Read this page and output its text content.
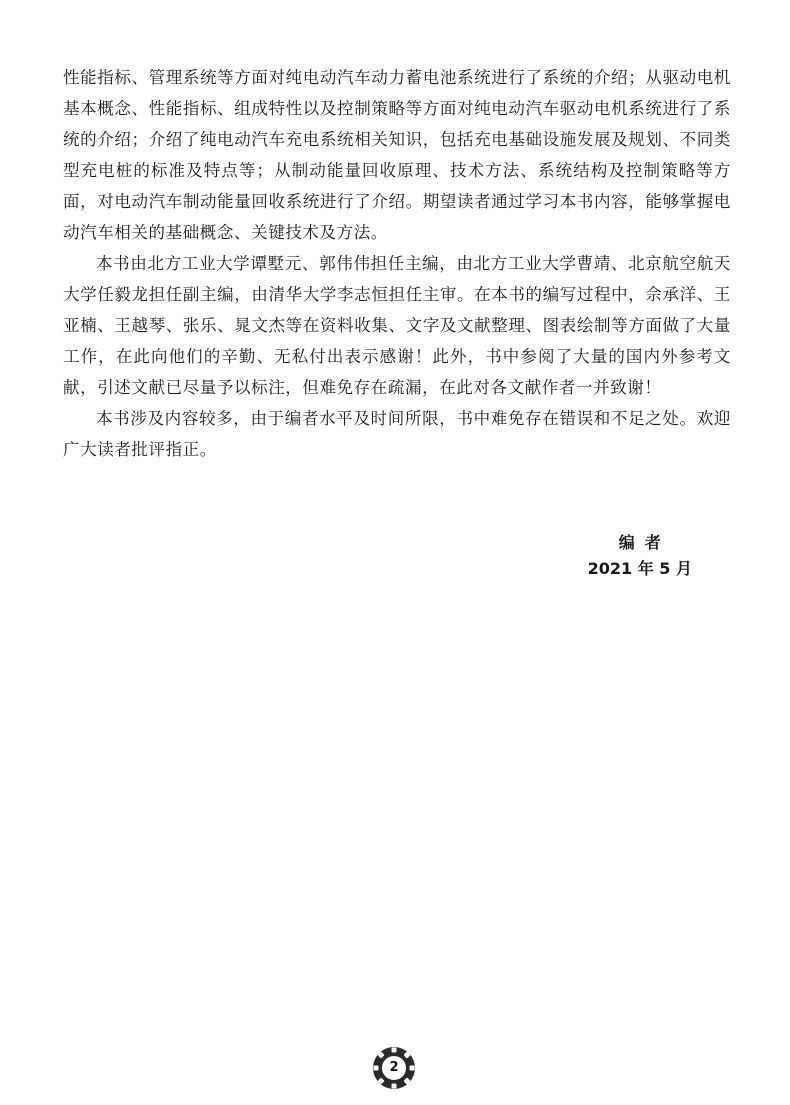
性能指标、管理系统等方面对纯电动汽车动力蓄电池系统进行了系统的介绍；从驱动电机基本概念、性能指标、组成特性以及控制策略等方面对纯电动汽车驱动电机系统进行了系统的介绍；介绍了纯电动汽车充电系统相关知识，包括充电基础设施发展及规划、不同类型充电桩的标准及特点等；从制动能量回收原理、技术方法、系统结构及控制策略等方面，对电动汽车制动能量回收系统进行了介绍。期望读者通过学习本书内容，能够掌握电动汽车相关的基础概念、关键技术及方法。

本书由北方工业大学谭墅元、郭伟伟担任主编，由北方工业大学曹靖、北京航空航天大学任毅龙担任副主编，由清华大学李志恒担任主审。在本书的编写过程中，佘承洋、王亚楠、王越琴、张乐、晁文杰等在资料收集、文字及文献整理、图表绘制等方面做了大量工作，在此向他们的辛勤、无私付出表示感谢！此外，书中参阅了大量的国内外参考文献，引述文献已尽量予以标注，但难免存在疏漏，在此对各文献作者一并致谢！

本书涉及内容较多，由于编者水平及时间所限，书中难免存在错误和不足之处。欢迎广大读者批评指正。

编者
2021 年 5 月
2
